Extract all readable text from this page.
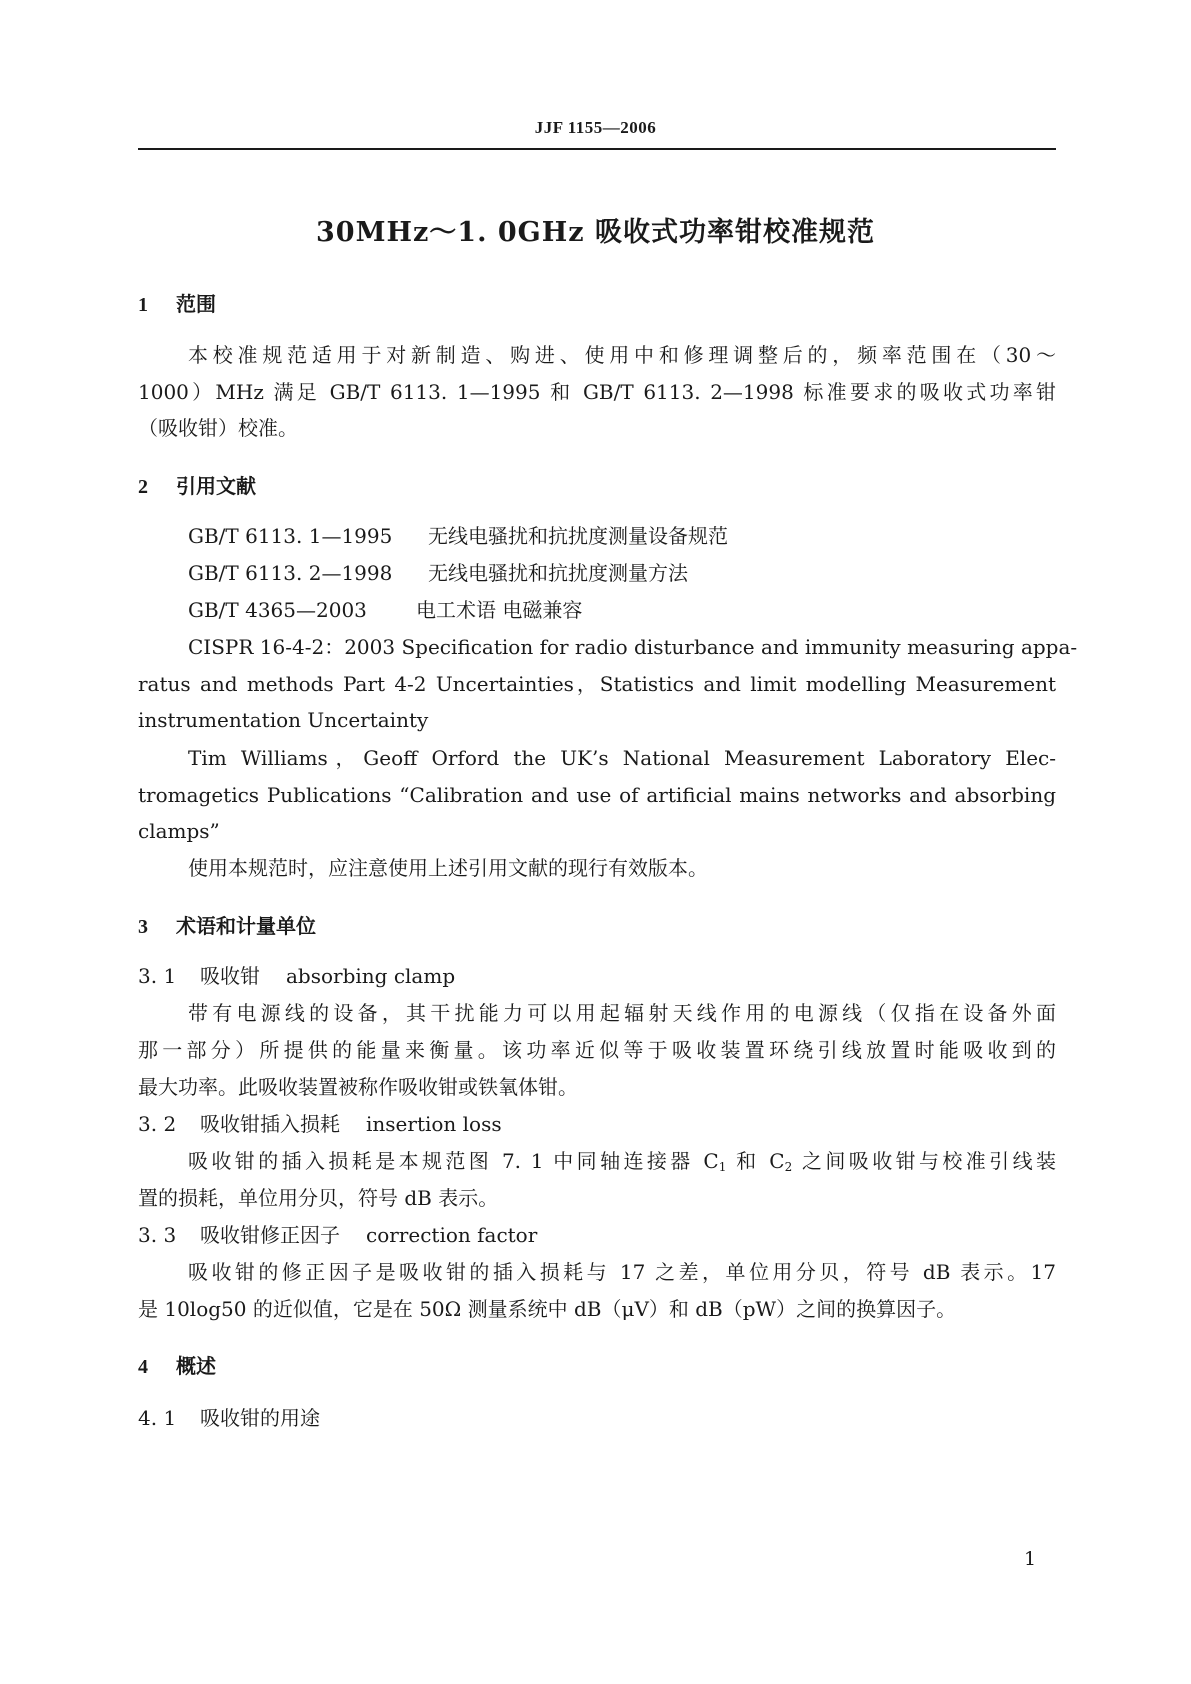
JJF 1155—2006
30MHz～1. 0GHz 吸收式功率钳校准规范
1 范围
本校准规范适用于对新制造、购进、使用中和修理调整后的，频率范围在（30～
1000）MHz 满足 GB/T 6113. 1—1995 和 GB/T 6113. 2—1998 标准要求的吸收式功率钳
（吸收钳）校准。
2 引用文献
GB/T 6113. 1—1995 无线电骚扰和抗扰度测量设备规范
GB/T 6113. 2—1998 无线电骚扰和抗扰度测量方法
GB/T 4365—2003 电工术语 电磁兼容
CISPR 16-4-2：2003 Specification for radio disturbance and immunity measuring appa-
ratus and methods Part 4-2 Uncertainties，Statistics and limit modelling Measurement
instrumentation Uncertainty
Tim Williams，Geoff Orford the UK’s National Measurement Laboratory Elec-
tromagetics Publications “Calibration and use of artificial mains networks and absorbing
clamps”
使用本规范时，应注意使用上述引用文献的现行有效版本。
3 术语和计量单位
3. 1 吸收钳 absorbing clamp
带有电源线的设备，其干扰能力可以用起辐射天线作用的电源线（仅指在设备外面
那一部分）所提供的能量来衡量。该功率近似等于吸收装置环绕引线放置时能吸收到的
最大功率。此吸收装置被称作吸收钳或铁氧体钳。
3. 2 吸收钳插入损耗 insertion loss
吸收钳的插入损耗是本规范图 7. 1 中同轴连接器 $C_1$ 和 $C_2$ 之间吸收钳与校准引线装
置的损耗，单位用分贝，符号 dB 表示。
3. 3 吸收钳修正因子 correction factor
吸收钳的修正因子是吸收钳的插入损耗与 17 之差，单位用分贝，符号 dB 表示。17
是 10log50 的近似值，它是在 50Ω 测量系统中 dB（μV）和 dB（pW）之间的换算因子。
4 概述
4. 1 吸收钳的用途
1
